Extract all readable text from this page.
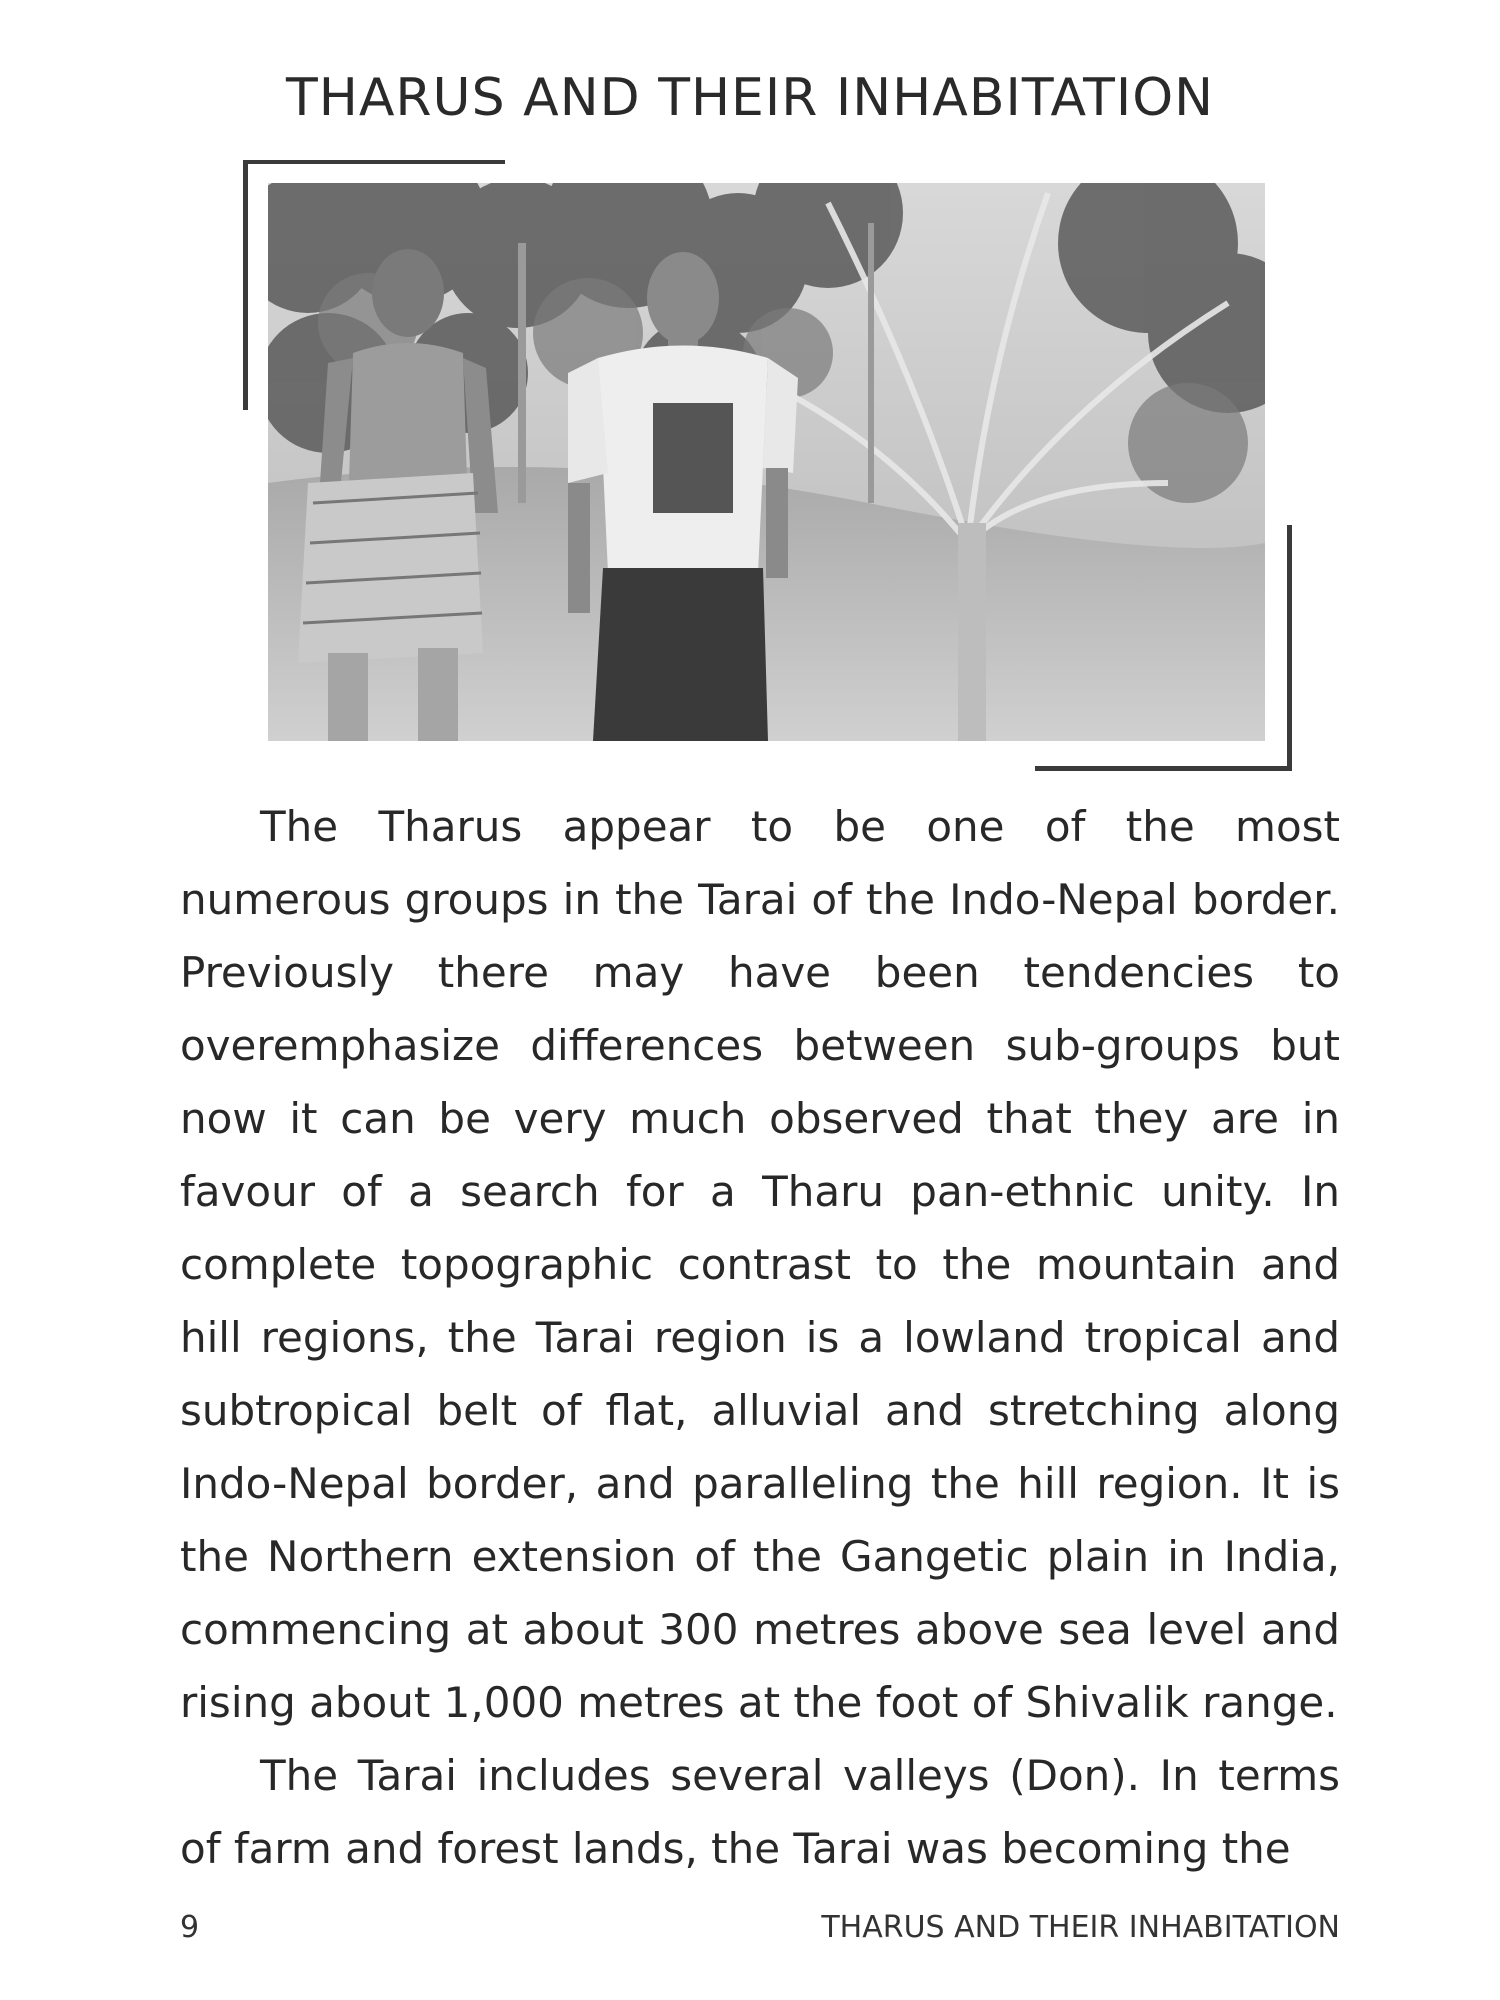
THARUS AND THEIR INHABITATION

The Tharus appear to be one of the most numerous groups in the Tarai of the Indo-Nepal border. Previously there may have been tendencies to overemphasize differences between sub-groups but now it can be very much observed that they are in favour of a search for a Tharu pan-ethnic unity. In complete topographic contrast to the mountain and hill regions, the Tarai region is a lowland tropical and subtropical belt of flat, alluvial and stretching along Indo-Nepal border, and paralleling the hill region. It is the Northern extension of the Gangetic plain in India, commencing at about 300 metres above sea level and rising about 1,000 metres at the foot of Shivalik range.

The Tarai includes several valleys (Don). In terms of farm and forest lands, the Tarai was becoming the

9	THARUS AND THEIR INHABITATION
